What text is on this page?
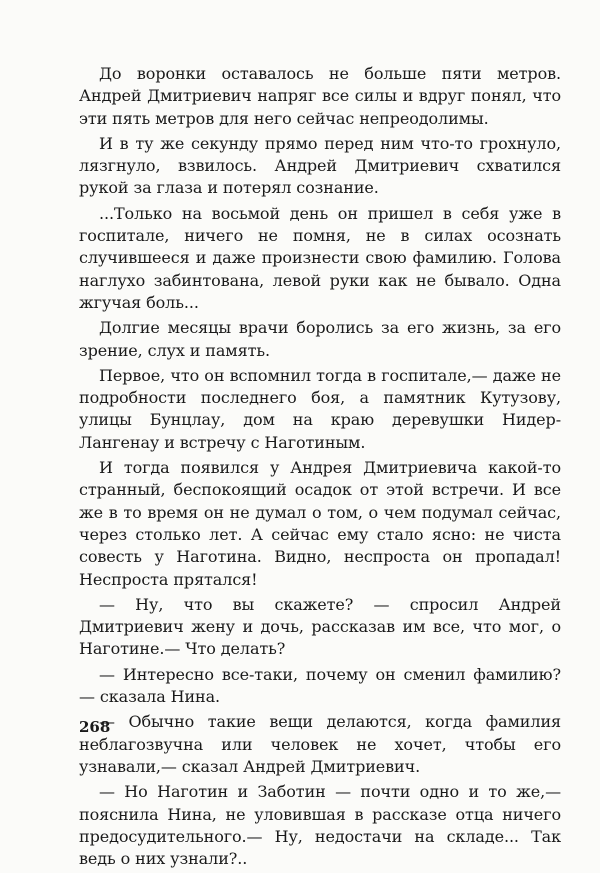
До воронки оставалось не больше пяти метров. Андрей Дмитриевич напряг все силы и вдруг понял, что эти пять метров для него сейчас непреодолимы.

И в ту же секунду прямо перед ним что-то грохнуло, лязгнуло, взвилось. Андрей Дмитриевич схватился рукой за глаза и потерял сознание.

...Только на восьмой день он пришел в себя уже в госпитале, ничего не помня, не в силах осознать случившееся и даже произнести свою фамилию. Голова наглухо забинтована, левой руки как не бывало. Одна жгучая боль...

Долгие месяцы врачи боролись за его жизнь, за его зрение, слух и память.

Первое, что он вспомнил тогда в госпитале,— даже не подробности последнего боя, а памятник Кутузову, улицы Бунцлау, дом на краю деревушки Нидер-Лангенау и встречу с Наготиным.

И тогда появился у Андрея Дмитриевича какой-то странный, беспокоящий осадок от этой встречи. И все же в то время он не думал о том, о чем подумал сейчас, через столько лет. А сейчас ему стало ясно: не чиста совесть у Наготина. Видно, неспроста он пропадал! Неспроста прятался!

— Ну, что вы скажете? — спросил Андрей Дмитриевич жену и дочь, рассказав им все, что мог, о Наготине.— Что делать?

— Интересно все-таки, почему он сменил фамилию? — сказала Нина.

— Обычно такие вещи делаются, когда фамилия неблагозвучна или человек не хочет, чтобы его узнавали,— сказал Андрей Дмитриевич.

— Но Наготин и Заботин — почти одно и то же,— пояснила Нина, не уловившая в рассказе отца ничего предосудительного.— Ну, недостачи на складе... Так ведь о них узнали?..

268
